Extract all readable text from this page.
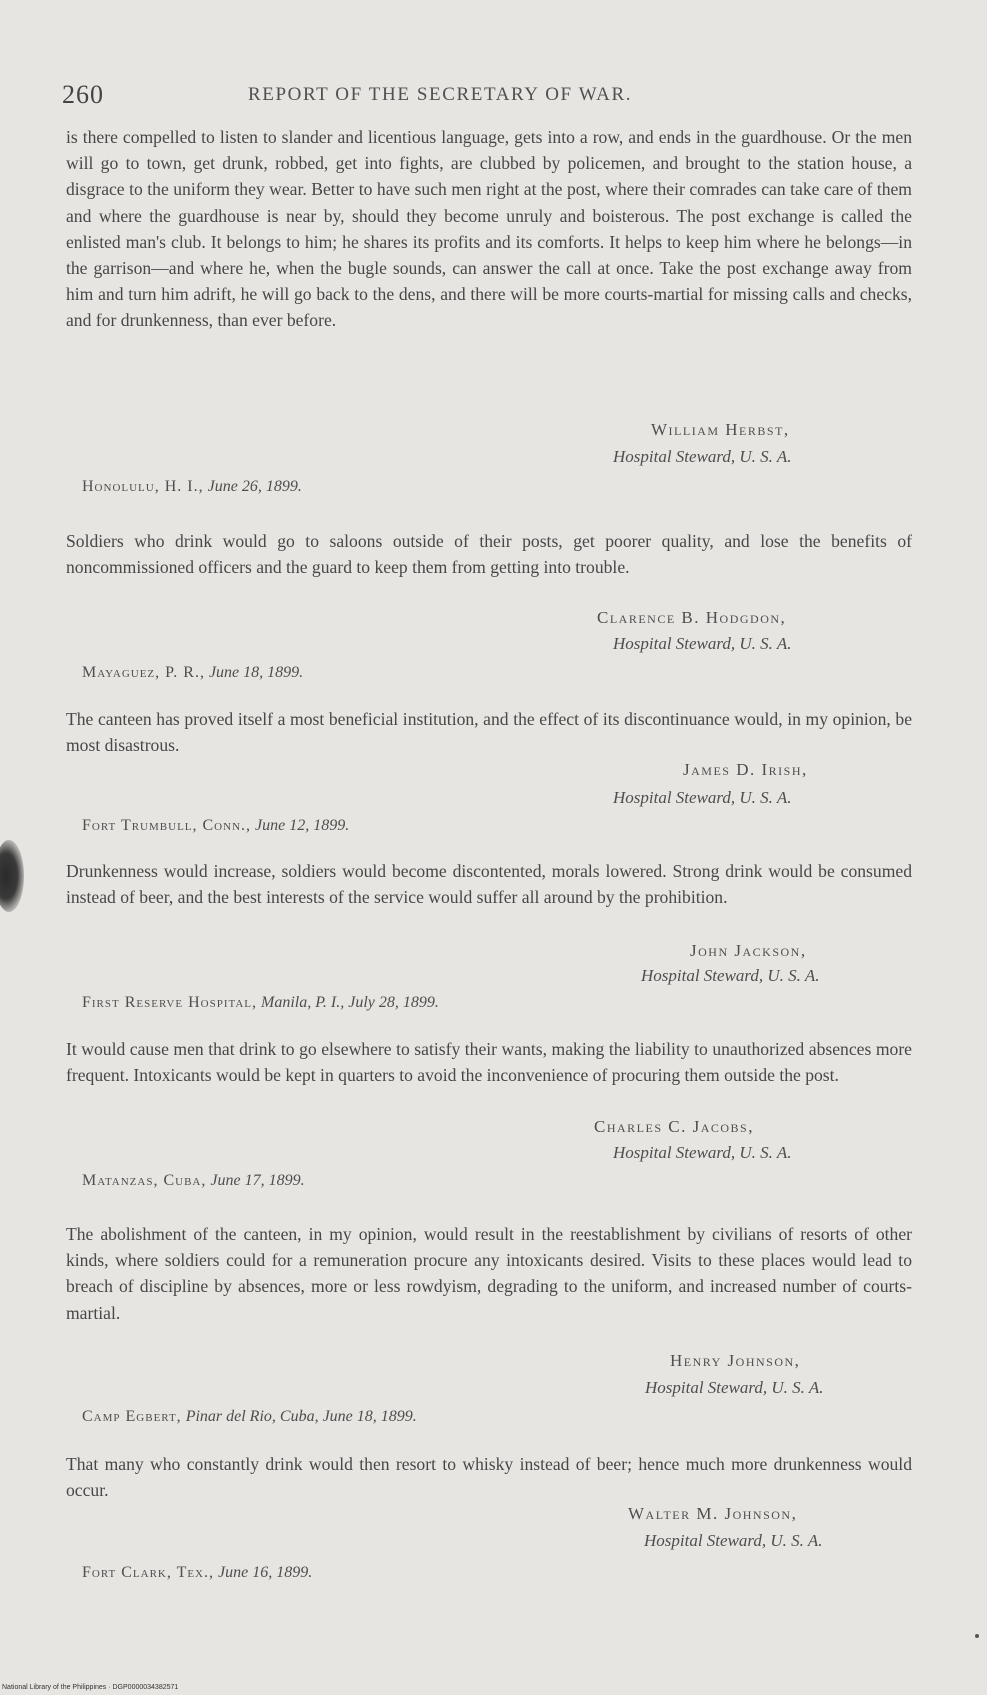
260	REPORT OF THE SECRETARY OF WAR.

is there compelled to listen to slander and licentious language, gets into a row, and ends in the guardhouse. Or the men will go to town, get drunk, robbed, get into fights, are clubbed by policemen, and brought to the station house, a disgrace to the uniform they wear. Better to have such men right at the post, where their comrades can take care of them and where the guardhouse is near by, should they become unruly and boisterous. The post exchange is called the enlisted man's club. It belongs to him; he shares its profits and its comforts. It helps to keep him where he belongs—in the garrison—and where he, when the bugle sounds, can answer the call at once. Take the post exchange away from him and turn him adrift, he will go back to the dens, and there will be more courts-martial for missing calls and checks, and for drunkenness, than ever before.

William Herbst,
Hospital Steward, U. S. A.
Honolulu, H. I., June 26, 1899.

Soldiers who drink would go to saloons outside of their posts, get poorer quality, and lose the benefits of noncommissioned officers and the guard to keep them from getting into trouble.

Clarence B. Hodgdon,
Hospital Steward, U. S. A.
Mayaguez, P. R., June 18, 1899.

The canteen has proved itself a most beneficial institution, and the effect of its discontinuance would, in my opinion, be most disastrous.

James D. Irish,
Hospital Steward, U. S. A.
Fort Trumbull, Conn., June 12, 1899.

Drunkenness would increase, soldiers would become discontented, morals lowered. Strong drink would be consumed instead of beer, and the best interests of the service would suffer all around by the prohibition.

John Jackson,
Hospital Steward, U. S. A.
First Reserve Hospital, Manila, P. I., July 28, 1899.

It would cause men that drink to go elsewhere to satisfy their wants, making the liability to unauthorized absences more frequent. Intoxicants would be kept in quarters to avoid the inconvenience of procuring them outside the post.

Charles C. Jacobs,
Hospital Steward, U. S. A.
Matanzas, Cuba, June 17, 1899.

The abolishment of the canteen, in my opinion, would result in the reestablishment by civilians of resorts of other kinds, where soldiers could for a remuneration procure any intoxicants desired. Visits to these places would lead to breach of discipline by absences, more or less rowdyism, degrading to the uniform, and increased number of courts-martial.

Henry Johnson,
Hospital Steward, U. S. A.
Camp Egbert, Pinar del Rio, Cuba, June 18, 1899.

That many who constantly drink would then resort to whisky instead of beer; hence much more drunkenness would occur.

Walter M. Johnson,
Hospital Steward, U. S. A.
Fort Clark, Tex., June 16, 1899.
National Library of the Philippines · DGP0000034382571
